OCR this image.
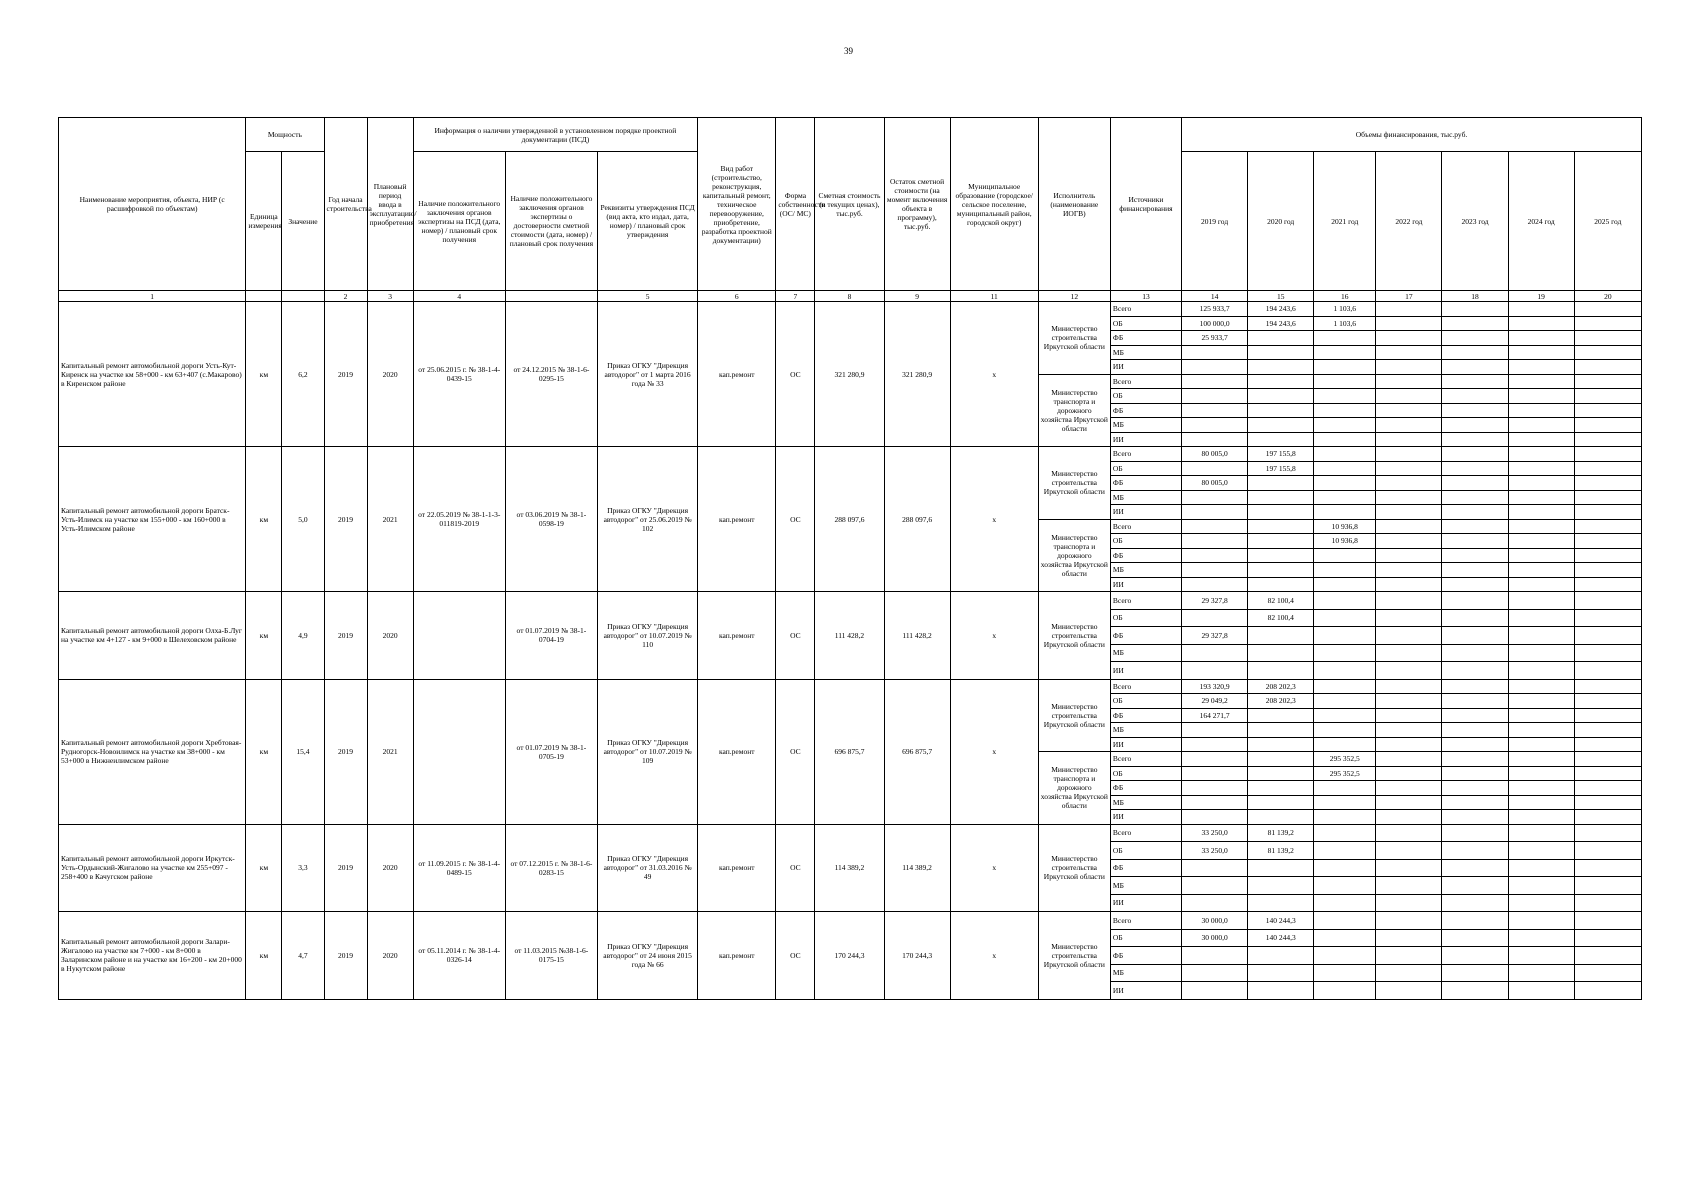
39
Наименование мероприятия, объекта, НИР (с расшифровкой по объектам)	Мощность		Год начала строительства	Плановый период ввода в эксплуатацию/приобретения	Информация о наличии утвержденной в установленном порядке проектной документации (ПСД)			Вид работ (строительство, реконструкция, капитальный ремонт, техническое перевооружение, приобретение, разработка проектной документации)	Форма собственности (ОС/ МС)	Сметная стоимость (в текущих ценах), тыс.руб.	Остаток сметной стоимости (на момент включения объекта в программу), тыс.руб.	Муниципальное образование (городское/сельское поселение, муниципальный район, городской округ)	Исполнитель (наименование ИОГВ)	Источники финансирования	Объемы финансирования, тыс.руб.						
	Единица измерения	Значение			Наличие положительного заключения органов экспертизы на ПСД (дата, номер) / плановый срок получения	Наличие положительного заключения органов экспертизы о достоверности сметной стоимости (дата, номер) / плановый срок получения	Реквизиты утверждения ПСД (вид акта, кто издал, дата, номер) / плановый срок утверждения								2019 год	2020 год	2021 год	2022 год	2023 год	2024 год	2025 год
1			2	3	4		5	6	7	8	9	11	12	13	14	15	16	17	18	19	20
Капитальный ремонт автомобильной дороги Усть-Кут-Киренск на участке км 58+000 - км 63+407 (с.Макарово) в Киренском районе	км	6,2	2019	2020	от 25.06.2015 г. № 38-1-4-0439-15	от 24.12.2015 № 38-1-6-0295-15	Приказ ОГКУ "Дирекция автодорог" от 1 марта 2016 года № 33	кап.ремонт	ОС	321 280,9	321 280,9	х	Министерство строительства Иркутской области	Всего	125 933,7	194 243,6	1 103,6				
														ОБ	100 000,0	194 243,6	1 103,6				
														ФБ	25 933,7						
														МБ							
														ИИ							
													Министерство транспорта и дорожного хозяйства Иркутской области	Всего							
														ОБ							
														ФБ							
														МБ							
														ИИ							
Капитальный ремонт автомобильной дороги Братск-Усть-Илимск на участке км 155+000 - км 160+000 в Усть-Илимском районе	км	5,0	2019	2021	от 22.05.2019 № 38-1-1-3-011819-2019	от 03.06.2019 № 38-1-0598-19	Приказ ОГКУ "Дирекция автодорог" от 25.06.2019 № 102	кап.ремонт	ОС	288 097,6	288 097,6	х	Министерство строительства Иркутской области	Всего	80 005,0	197 155,8					
														ОБ		197 155,8					
														ФБ	80 005,0						
														МБ							
														ИИ							
													Министерство транспорта и дорожного хозяйства Иркутской области	Всего			10 936,8				
														ОБ			10 936,8				
														ФБ							
														МБ							
														ИИ							
Капитальный ремонт автомобильной дороги Олха-Б.Луг на участке км 4+127 - км 9+000 в Шелеховском районе	км	4,9	2019	2020		от 01.07.2019 № 38-1-0704-19	Приказ ОГКУ "Дирекция автодорог" от 10.07.2019 № 110	кап.ремонт	ОС	111 428,2	111 428,2	х	Министерство строительства Иркутской области	Всего	29 327,8	82 100,4					
														ОБ		82 100,4					
														ФБ	29 327,8						
														МБ							
														ИИ							
Капитальный ремонт автомобильной дороги Хребтовая-Рудногорск-Новоилимск на участке км 38+000 - км 53+000 в Нижнеилимском районе	км	15,4	2019	2021		от 01.07.2019 № 38-1-0705-19	Приказ ОГКУ "Дирекция автодорог" от 10.07.2019 № 109	кап.ремонт	ОС	696 875,7	696 875,7	х	Министерство строительства Иркутской области	Всего	193 320,9	208 202,3					
														ОБ	29 049,2	208 202,3					
														ФБ	164 271,7						
														МБ							
														ИИ							
													Министерство транспорта и дорожного хозяйства Иркутской области	Всего			295 352,5				
														ОБ			295 352,5				
														ФБ							
														МБ							
														ИИ							
Капитальный ремонт автомобильной дороги Иркутск-Усть-Ордынский-Жигалово на участке км 255+097 - 258+400 в Качугском районе	км	3,3	2019	2020	от 11.09.2015 г. № 38-1-4-0489-15	от 07.12.2015 г. № 38-1-6-0283-15	Приказ ОГКУ "Дирекция автодорог" от 31.03.2016 № 49	кап.ремонт	ОС	114 389,2	114 389,2	х	Министерство строительства Иркутской области	Всего	33 250,0	81 139,2					
														ОБ	33 250,0	81 139,2					
														ФБ							
														МБ							
														ИИ							
Капитальный ремонт автомобильной дороги Залари-Жигалово на участке км 7+000 - км 8+000 в Заларинском районе и на участке км 16+200 - км 20+000 в Нукутском районе	км	4,7	2019	2020	от 05.11.2014 г. № 38-1-4-0326-14	от 11.03.2015 №38-1-6-0175-15	Приказ ОГКУ "Дирекция автодорог" от 24 июня 2015 года № 66	кап.ремонт	ОС	170 244,3	170 244,3	х	Министерство строительства Иркутской области	Всего	30 000,0	140 244,3					
														ОБ	30 000,0	140 244,3					
														ФБ							
														МБ							
														ИИ							
